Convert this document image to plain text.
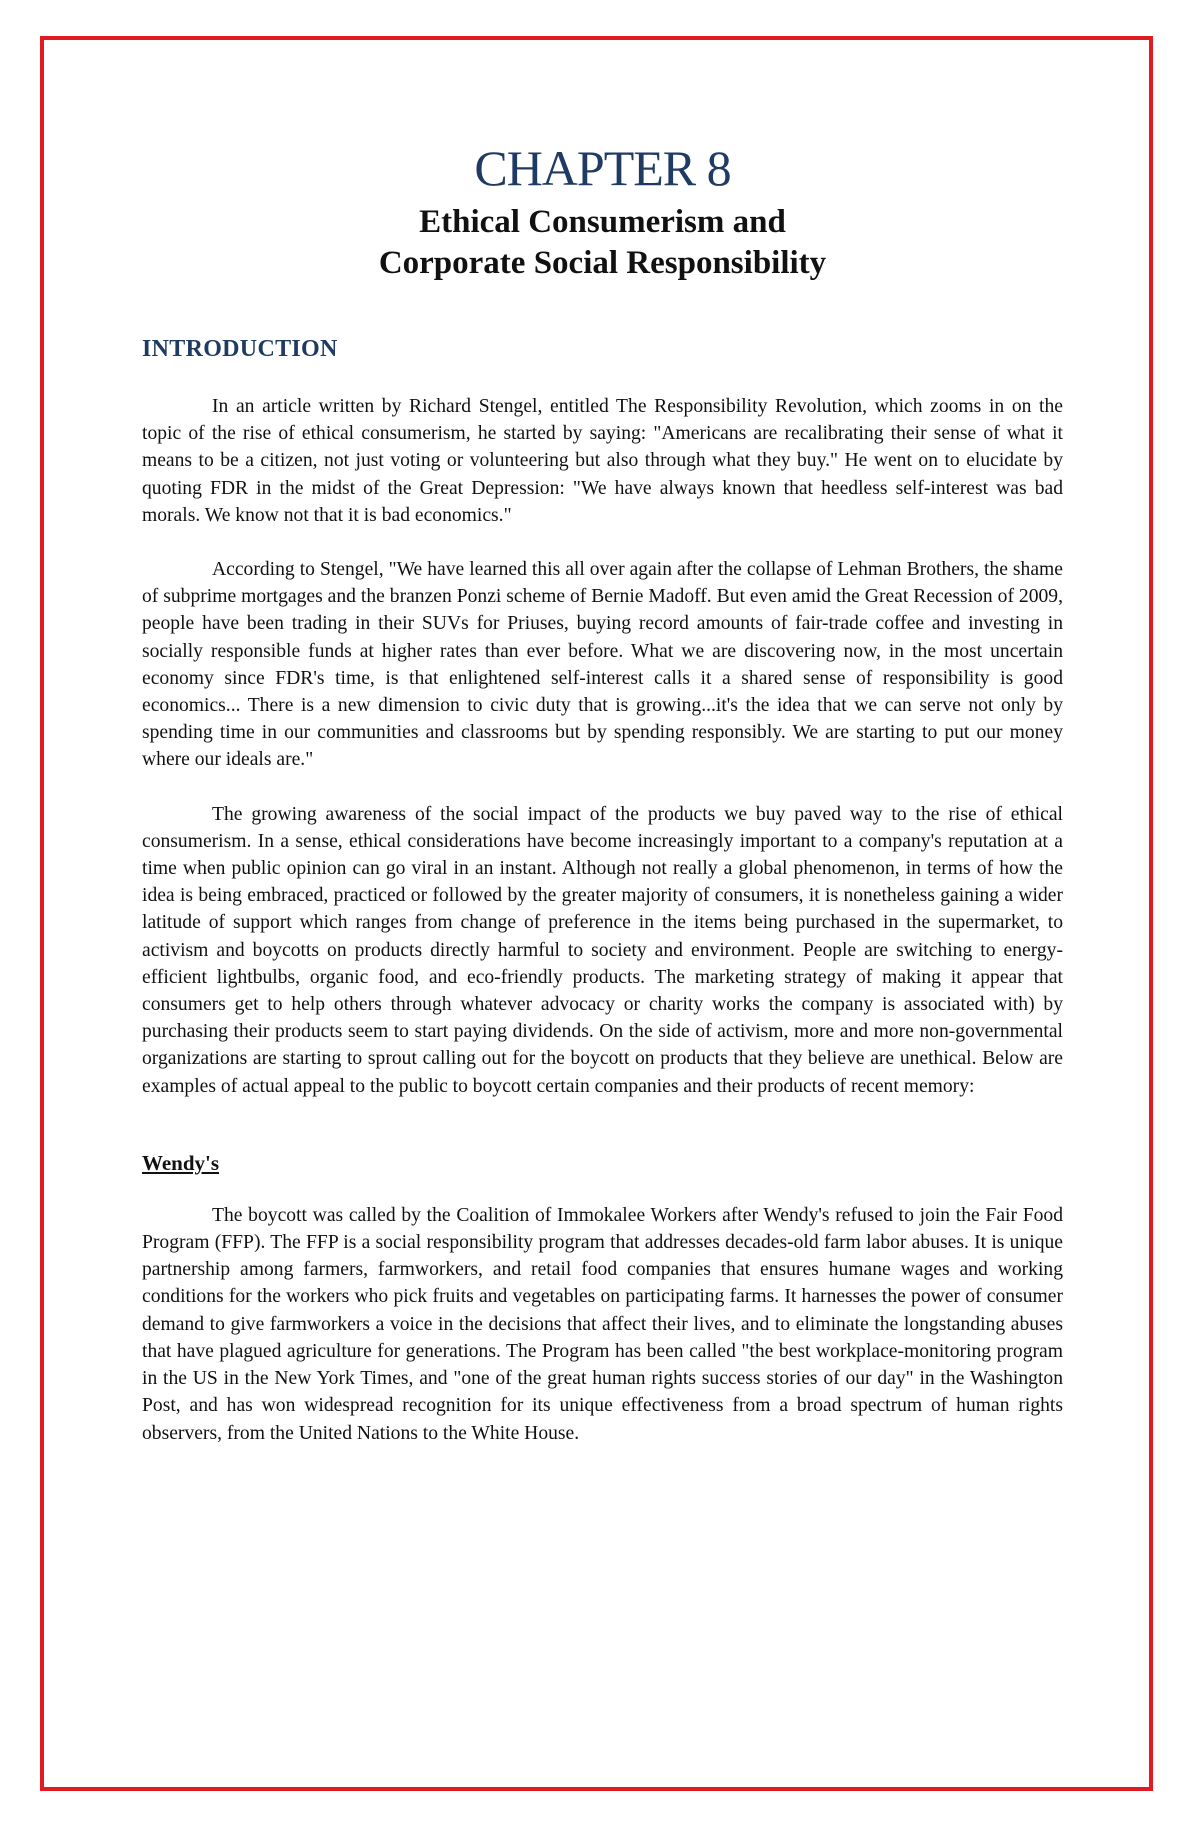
CHAPTER 8
Ethical Consumerism and
Corporate Social Responsibility
INTRODUCTION

In an article written by Richard Stengel, entitled The Responsibility Revolution, which zooms in on the topic of the rise of ethical consumerism, he started by saying: "Americans are recalibrating their sense of what it means to be a citizen, not just voting or volunteering but also through what they buy." He went on to elucidate by quoting FDR in the midst of the Great Depression: "We have always known that heedless self-interest was bad morals. We know not that it is bad economics."

According to Stengel, "We have learned this all over again after the collapse of Lehman Brothers, the shame of subprime mortgages and the branzen Ponzi scheme of Bernie Madoff. But even amid the Great Recession of 2009, people have been trading in their SUVs for Priuses, buying record amounts of fair-trade coffee and investing in socially responsible funds at higher rates than ever before. What we are discovering now, in the most uncertain economy since FDR's time, is that enlightened self-interest calls it a shared sense of responsibility is good economics... There is a new dimension to civic duty that is growing...it's the idea that we can serve not only by spending time in our communities and classrooms but by spending responsibly. We are starting to put our money where our ideals are."

The growing awareness of the social impact of the products we buy paved way to the rise of ethical consumerism. In a sense, ethical considerations have become increasingly important to a company's reputation at a time when public opinion can go viral in an instant. Although not really a global phenomenon, in terms of how the idea is being embraced, practiced or followed by the greater majority of consumers, it is nonetheless gaining a wider latitude of support which ranges from change of preference in the items being purchased in the supermarket, to activism and boycotts on products directly harmful to society and environment. People are switching to energy-efficient lightbulbs, organic food, and eco-friendly products. The marketing strategy of making it appear that consumers get to help others through whatever advocacy or charity works the company is associated with) by purchasing their products seem to start paying dividends. On the side of activism, more and more non-governmental organizations are starting to sprout calling out for the boycott on products that they believe are unethical. Below are examples of actual appeal to the public to boycott certain companies and their products of recent memory:

Wendy's

The boycott was called by the Coalition of Immokalee Workers after Wendy's refused to join the Fair Food Program (FFP). The FFP is a social responsibility program that addresses decades-old farm labor abuses. It is unique partnership among farmers, farmworkers, and retail food companies that ensures humane wages and working conditions for the workers who pick fruits and vegetables on participating farms. It harnesses the power of consumer demand to give farmworkers a voice in the decisions that affect their lives, and to eliminate the longstanding abuses that have plagued agriculture for generations. The Program has been called "the best workplace-monitoring program in the US in the New York Times, and "one of the great human rights success stories of our day" in the Washington Post, and has won widespread recognition for its unique effectiveness from a broad spectrum of human rights observers, from the United Nations to the White House.
